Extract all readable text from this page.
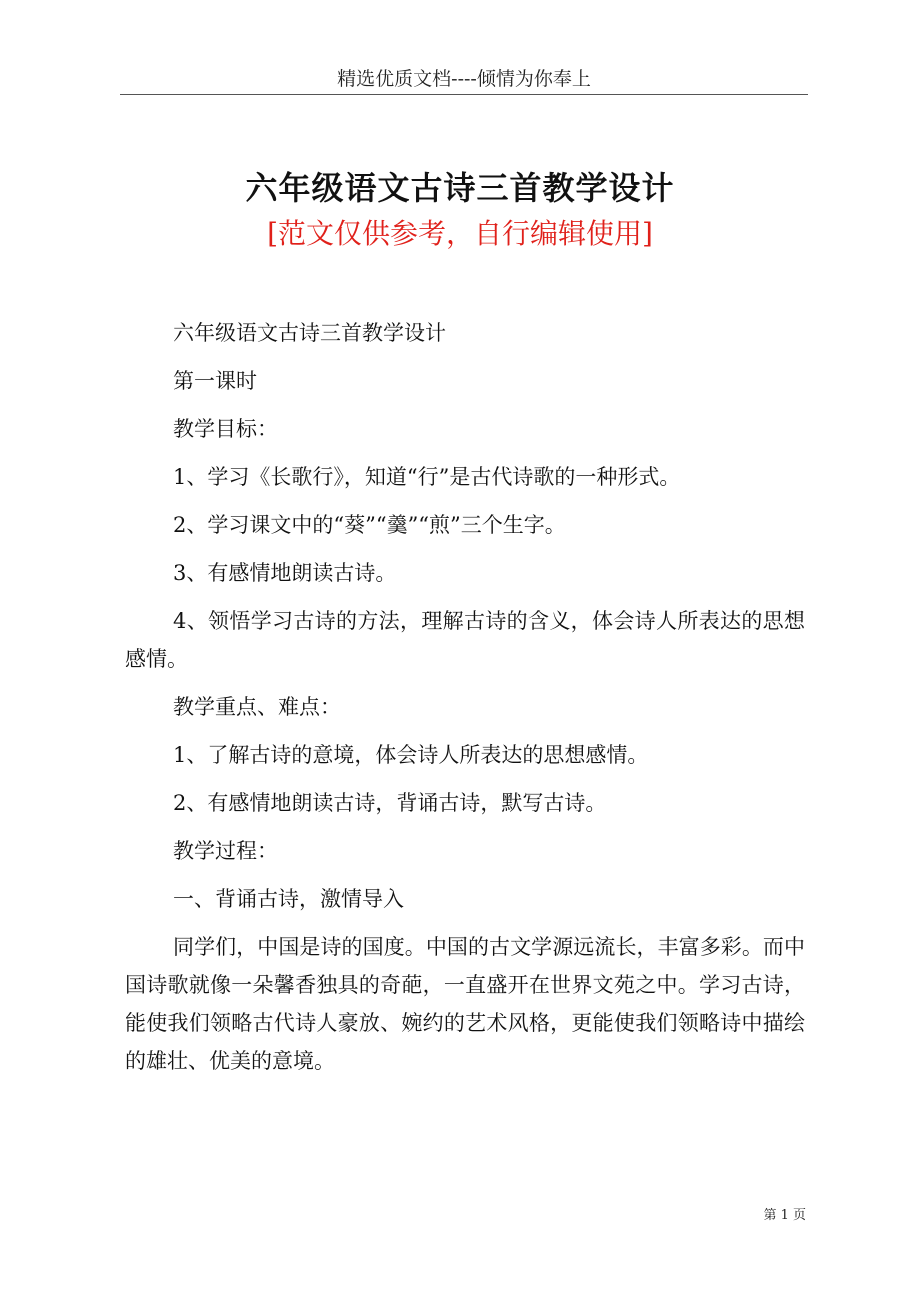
精选优质文档----倾情为你奉上
六年级语文古诗三首教学设计
[范文仅供参考，自行编辑使用]

六年级语文古诗三首教学设计

第一课时

教学目标：

1、学习《长歌行》，知道“行”是古代诗歌的一种形式。

2、学习课文中的“葵”“羹”“煎”三个生字。

3、有感情地朗读古诗。

4、领悟学习古诗的方法，理解古诗的含义，体会诗人所表达的思想感情。

教学重点、难点：

1、了解古诗的意境，体会诗人所表达的思想感情。

2、有感情地朗读古诗，背诵古诗，默写古诗。

教学过程：

一、背诵古诗，激情导入

同学们，中国是诗的国度。中国的古文学源远流长，丰富多彩。而中国诗歌就像一朵馨香独具的奇葩，一直盛开在世界文苑之中。学习古诗，能使我们领略古代诗人豪放、婉约的艺术风格，更能使我们领略诗中描绘的雄壮、优美的意境。

第 1 页
